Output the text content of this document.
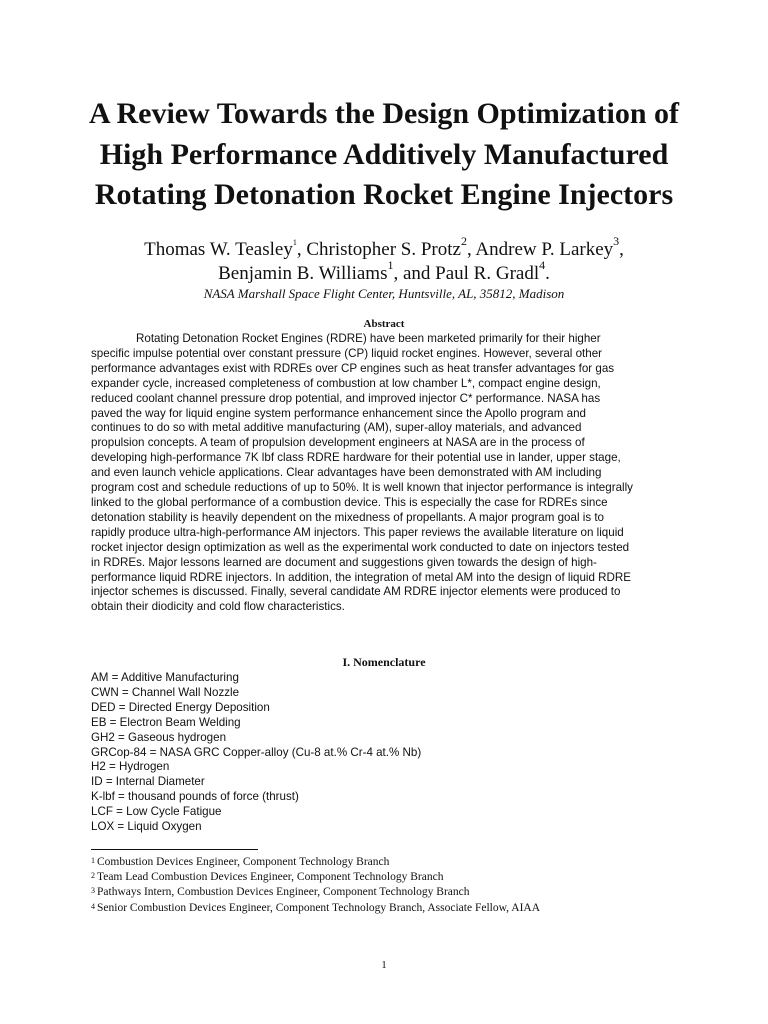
A Review Towards the Design Optimization of High Performance Additively Manufactured Rotating Detonation Rocket Engine Injectors

Thomas W. Teasley$^1$, Christopher S. Protz$^2$, Andrew P. Larkey$^3$,
Benjamin B. Williams$^1$, and Paul R. Gradl$^4$.

NASA Marshall Space Flight Center, Huntsville, AL, 35812, Madison

Abstract

Rotating Detonation Rocket Engines (RDRE) have been marketed primarily for their higher
specific impulse potential over constant pressure (CP) liquid rocket engines. However, several other
performance advantages exist with RDREs over CP engines such as heat transfer advantages for gas
expander cycle, increased completeness of combustion at low chamber L*, compact engine design,
reduced coolant channel pressure drop potential, and improved injector C* performance. NASA has
paved the way for liquid engine system performance enhancement since the Apollo program and
continues to do so with metal additive manufacturing (AM), super-alloy materials, and advanced
propulsion concepts. A team of propulsion development engineers at NASA are in the process of
developing high-performance 7K lbf class RDRE hardware for their potential use in lander, upper stage,
and even launch vehicle applications. Clear advantages have been demonstrated with AM including
program cost and schedule reductions of up to 50%. It is well known that injector performance is integrally
linked to the global performance of a combustion device. This is especially the case for RDREs since
detonation stability is heavily dependent on the mixedness of propellants. A major program goal is to
rapidly produce ultra-high-performance AM injectors. This paper reviews the available literature on liquid
rocket injector design optimization as well as the experimental work conducted to date on injectors tested
in RDREs. Major lessons learned are document and suggestions given towards the design of high-
performance liquid RDRE injectors. In addition, the integration of metal AM into the design of liquid RDRE
injector schemes is discussed. Finally, several candidate AM RDRE injector elements were produced to
obtain their diodicity and cold flow characteristics.

I. Nomenclature
AM = Additive Manufacturing
CWN = Channel Wall Nozzle
DED = Directed Energy Deposition
EB = Electron Beam Welding
GH2 = Gaseous hydrogen
GRCop-84 = NASA GRC Copper-alloy (Cu-8 at.% Cr-4 at.% Nb)
H2 = Hydrogen
ID = Internal Diameter
K-lbf = thousand pounds of force (thrust)
LCF = Low Cycle Fatigue
LOX = Liquid Oxygen
$^1$ Combustion Devices Engineer, Component Technology Branch
$^2$ Team Lead Combustion Devices Engineer, Component Technology Branch
$^3$ Pathways Intern, Combustion Devices Engineer, Component Technology Branch
$^4$ Senior Combustion Devices Engineer, Component Technology Branch, Associate Fellow, AIAA

1
